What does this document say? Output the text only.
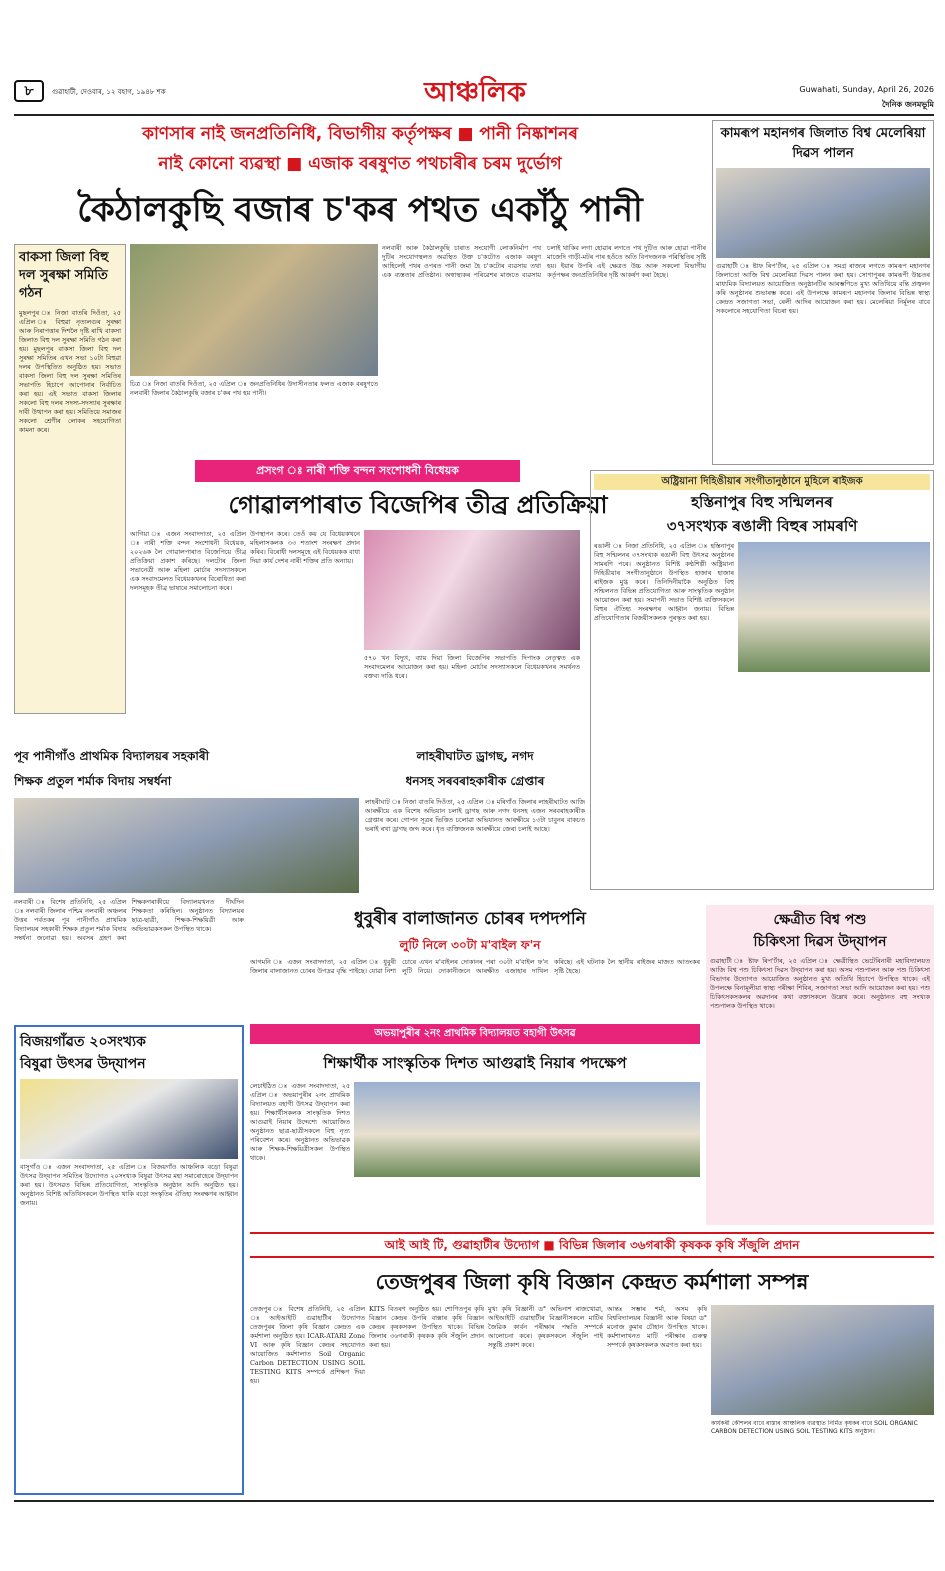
৮	গুৱাহাটী, দেওবাৰ, ১২ বহাগ, ১৯৪৮ শক	আঞ্চলিক	Guwahati, Sunday, April 26, 2026
দৈনিক জনমভূমি
কাণসাৰ নাই জনপ্ৰতিনিধি, বিভাগীয় কৰ্তৃপক্ষৰ ■ পানী নিষ্কাশনৰ
নাই কোনো ব্যৱস্থা ■ এজাক বৰষুণত পথচাৰীৰ চৰম দুৰ্ভোগ
কৈঠালকুছি বজাৰ চ'কৰ পথত একাঁঠু পানী
বাকসা জিলা বিহু দল সুৰক্ষা সমিতি গঠন
মুছলপুৰ ঃ নিজা বাতৰি দিওঁতা, ২৫ এপ্ৰিল ঃ বিহুৱা নৃত্যলগুৰ সুৰক্ষা আৰু নিৰাপত্তাৰ দিশলৈ দৃষ্টি ৰাখি বাকসা জিলাত বিহু দল সুৰক্ষা সমিতি গঠন কৰা হয়। মুছলপুৰ বাকসা জিলা বিহু দল সুৰক্ষা সমিতিৰ এখন সভা ১০টা বিহুৱা দলৰ উপস্থিতিত অনুষ্ঠিত হয়। সভাত বাকসা জিলা বিহু দল সুৰক্ষা সমিতিৰ সভাপতি হিচাপে আপোনাৰ নিৰ্বাচিত কৰা হয়। এই সভাত বাকসা জিলাৰ সকলো বিহু দলৰ সদস্য-সদস্যাৰ সুৰক্ষাৰ দাবী উত্থাপন কৰা হয়। সমিতিয়ে সমাজৰ সকলো শ্ৰেণীৰ লোকৰ সহযোগিতা কামনা কৰে।
চিত্ৰ ঃ নিজা বাতৰি দিওঁতা, ২৫ এপ্ৰিল ঃ জনপ্ৰতিনিধিৰ উদাসীনতাৰ ফলত এজাক বৰষুণতে নলবাৰী জিলাৰ কৈঠালকুছি বজাৰ চ'কৰ পথ হয় পানী।
নলবাৰী আৰু কৈঠালকুছি চাৰাত সংযোগী লোকনিৰ্মাণ পথ দুটিৰ সংযোগস্থলত অৱস্থিত উক্ত চ'কটোত এজাক বৰষুণ আহিলেই পথৰ ওপৰত পানী জমা হৈ চ'কটোৰ ব্যৱসায় তথা এক ব্যস্ততাৰ প্ৰতিষ্ঠান। অস্বাস্থ্যকৰ পৰিৱেশৰ মাজতে ব্যৱসায় চলাই থাকিব লগা হোৱাৰ লগতে পথ দুটিত আৰু হোৱা পানীৰ মাজেদি গাড়ী-মটৰ পাৰ হওঁতে অতি বিপদজনক পৰিস্থিতিৰ সৃষ্টি হয়। ইয়াৰ উপৰি এই ক্ষেত্ৰত উচ্চ আৰু সকলো বিভাগীয় কৰ্তৃপক্ষৰ জনপ্ৰতিনিধিৰ দৃষ্টি আকৰ্ষণ কৰা হৈছে।
কামৰূপ মহানগৰ জিলাত বিশ্ব মেলেৰিয়া দিৱস পালন
গুৱাহাটী ঃ ষ্টাফ ৰিপ'ৰ্টাৰ, ২৫ এপ্ৰিল ঃ সমগ্ৰ ৰাজ্যৰ লগতে কামৰূপ মহানগৰ জিলাতো আজি বিশ্ব মেলেৰিয়া দিৱস পালন কৰা হয়। সোণাপুৰৰ কামৰূপী উচ্চতৰ মাধ্যমিক বিদ্যালয়ত আয়োজিত অনুষ্ঠানটিৰ আৰম্ভণিতে মুখ্য অতিথিয়ে বন্তি প্ৰজ্বলন কৰি অনুষ্ঠানৰ শুভাৰম্ভ কৰে। এই উপলক্ষে কামৰূপ মহানগৰ জিলাৰ বিভিন্ন স্বাস্থ্য কেন্দ্ৰত সজাগতা সভা, ৰেলী আদিৰ আয়োজন কৰা হয়। মেলেৰিয়া নিৰ্মূলৰ বাবে সকলোৰে সহযোগিতা বিচৰা হয়।
প্ৰসংগ ঃ নাৰী শক্তি বন্দন সংশোধনী বিধেয়ক
গোৱালপাৰাত বিজেপিৰ তীব্ৰ প্ৰতিক্ৰিয়া
আগিয়া ঃ এজন সংবাদদাতা, ২৫ এপ্ৰিল ঃ নাৰী শক্তি বন্দন সংশোধনী বিধেয়ক, ২০২৬ক লৈ গোৱালপাৰাত বিজেপিয়ে তীব্ৰ প্ৰতিক্ৰিয়া প্ৰকাশ কৰিছে। দলটোৰ জিলা সভানেত্ৰী আৰু মহিলা মোৰ্চাৰ সদস্যাসকলে এক সংবাদমেলত বিধেয়কখনৰ বিৰোধিতা কৰা দলসমূহক তীব্ৰ ভাষাৰে সমালোচনা কৰে।
উপস্থাপন কৰে। তেওঁ কয় যে বিধেয়কখনে মহিলাসকলক ৩৩ শতাংশ সংৰক্ষণ প্ৰদান কৰিব। বিৰোধী দলসমূহে এই বিধেয়কক বাধা দিয়া কাৰ্য দেশৰ নাৰী শক্তিৰ প্ৰতি অন্যায়।
৫৭০ খন বিদ্যুৎ, ব্যায় দিয়া জিলা বিজেপিৰ সভাপতি দিপাংক নেতৃত্বত এক সংবাদমেলৰ আয়োজন কৰা হয়। মহিলা মোৰ্চাৰ সদস্যাসকলে বিধেয়কখনৰ সমৰ্থনত বক্তব্য দাঙি ধৰে।
অষ্ট্ৰিয়ানা দিহিঙীয়াৰ সংগীতানুষ্ঠানে মুহিলে ৰাইজক
হস্তিনাপুৰ বিহু সন্মিলনৰ
৩৭সংখ্যক ৰঙালী বিহুৰ সামৰণি
ৰঙালী ঃ নিজা প্ৰতিনিধি, ২৫ এপ্ৰিল ঃ হস্তিনাপুৰ বিহু সন্মিলনৰ ৩৭সংখ্যক ৰঙালী বিহু উৎসৱ অনুষ্ঠানৰ সামৰণি পৰে। অনুষ্ঠানত বিশিষ্ট কণ্ঠশিল্পী অষ্ট্ৰিয়ানা দিহিঙীয়াৰ সংগীতানুষ্ঠানে উপস্থিত হাজাৰ হাজাৰ ৰাইজক মুগ্ধ কৰে। তিনিদিনীয়াকৈ অনুষ্ঠিত বিহু সন্মিলনত বিভিন্ন প্ৰতিযোগিতা আৰু সাংস্কৃতিক অনুষ্ঠান আয়োজন কৰা হয়। সমাপনী সভাত বিশিষ্ট ব্যক্তিসকলে বিহুৰ ঐতিহ্য সংৰক্ষণৰ আহ্বান জনায়। বিভিন্ন প্ৰতিযোগিতাৰ বিজয়ীসকলক পুৰস্কৃত কৰা হয়।
পূব পানীগাঁও প্ৰাথমিক বিদ্যালয়ৰ সহকাৰী
শিক্ষক প্ৰতুল শৰ্মাক বিদায় সম্বৰ্ধনা
নলবাৰী ঃ বিশেষ প্ৰতিনিধি, ২৫ এপ্ৰিল ঃ নলবাৰী জিলাৰ পশ্চিম নলবাৰী অঞ্চলৰ উত্তৰ পৰ্বতকৰ পূব পানীগাঁও প্ৰাথমিক বিদ্যালয়ৰ সহকাৰী শিক্ষক প্ৰতুল শৰ্মাক বিদায় সম্বৰ্ধনা জনোৱা হয়। অবসৰ গ্ৰহণ কৰা শিক্ষকগৰাকীয়ে বিদ্যালয়খনত দীৰ্ঘদিন শিক্ষকতা কৰিছিল। অনুষ্ঠানত বিদ্যালয়ৰ ছাত্ৰ-ছাত্ৰী, শিক্ষক-শিক্ষয়িত্ৰী আৰু অভিভাৱকসকল উপস্থিত থাকে।
লাহৰীঘাটত ড্ৰাগছ, নগদ
ধনসহ সৰবৰাহকাৰীক গ্ৰেপ্তাৰ
লাহৰীঘাট ঃ নিজা বাতৰি দিওঁতা, ২৫ এপ্ৰিল ঃ মৰিগাঁও জিলাৰ লাহৰীঘাটত আজি আৰক্ষীয়ে এক বিশেষ অভিযান চলাই ড্ৰাগছ আৰু নগদ ধনসহ এজন সৰবৰাহকাৰীক গ্ৰেপ্তাৰ কৰে। গোপন সূত্ৰৰ ভিত্তিত চলোৱা অভিযানত আৰক্ষীয়ে ১৩টা চাবুনৰ বাকচত ভৰাই ৰখা ড্ৰাগছ জব্দ কৰে। ধৃত ব্যক্তিজনক আৰক্ষীয়ে জেৰা চলাই আছে।
ধুবুৰীৰ বালাজানত চোৰৰ দপদপনি
লুটি নিলে ৩০টা ম'বাইল ফ'ন
আগমনি ঃ এজন সংবাদদাতা, ২৫ এপ্ৰিল ঃ ধুবুৰী জিলাৰ বালাজানত চোৰৰ উপদ্ৰৱ বৃদ্ধি পাইছে। যোৱা নিশা চোৰে এখন ম'বাইলৰ দোকানৰ পৰা ৩০টা ম'বাইল ফ'ন লুটি নিয়ে। দোকানীজনে আৰক্ষীত এজাহাৰ দাখিল কৰিছে। এই ঘটনাক লৈ স্থানীয় ৰাইজৰ মাজত আতংকৰ সৃষ্টি হৈছে।
ক্ষেত্ৰীত বিশ্ব পশু
চিকিৎসা দিৱস উদ্‌যাপন
গুৱাহাটী ঃ ষ্টাফ ৰিপ'ৰ্টাৰ, ২৫ এপ্ৰিল ঃ ক্ষেত্ৰীস্থিত ভেটেৰিনাৰী মহাবিদ্যালয়ত আজি বিশ্ব পশু চিকিৎসা দিৱস উদ্‌যাপন কৰা হয়। অসম পশুপালন আৰু পশু চিকিৎসা বিভাগৰ উদ্যোগত আয়োজিত অনুষ্ঠানত মুখ্য অতিথি হিচাপে উপস্থিত থাকে। এই উপলক্ষে বিনামূলীয়া স্বাস্থ্য পৰীক্ষা শিবিৰ, সজাগতা সভা আদি আয়োজন কৰা হয়। পশু চিকিৎসকসকলৰ অৱদানৰ কথা বক্তাসকলে উল্লেখ কৰে। অনুষ্ঠানত বহু সংখ্যক পশুপালক উপস্থিত থাকে।
অভয়াপুৰীৰ ২নং প্ৰাথমিক বিদ্যালয়ত বহাগী উৎসৱ
শিক্ষাৰ্থীক সাংস্কৃতিক দিশত আগুৱাই নিয়াৰ পদক্ষেপ
লেচাইঠিত ঃ এজন সংবাদদাতা, ২৫ এপ্ৰিল ঃ অভয়াপুৰীৰ ২নং প্ৰাথমিক বিদ্যালয়ত বহাগী উৎসৱ উদ্‌যাপন কৰা হয়। শিক্ষাৰ্থীসকলক সাংস্কৃতিক দিশত আগুৱাই নিয়াৰ উদ্দেশ্যে আয়োজিত অনুষ্ঠানত ছাত্ৰ-ছাত্ৰীসকলে বিহু নৃত্য পৰিবেশন কৰে। অনুষ্ঠানত অভিভাৱক আৰু শিক্ষক-শিক্ষয়িত্ৰীসকল উপস্থিত থাকে।
বিজয়গাঁৱত ২০সংখ্যক
বিষুৱা উৎসৱ উদ্‌যাপন
বাসুগাঁও ঃ এজন সংবাদদাতা, ২৫ এপ্ৰিল ঃ বিজয়গাঁও আঞ্চলিক বড়ো বিষুৱা উৎসৱ উদ্‌যাপন সমিতিৰ উদ্যোগত ২০সংখ্যক বিষুৱা উৎসৱ মহা সমাৰোহেৰে উদ্‌যাপন কৰা হয়। উৎসৱত বিভিন্ন প্ৰতিযোগিতা, সাংস্কৃতিক অনুষ্ঠান আদি অনুষ্ঠিত হয়। অনুষ্ঠানত বিশিষ্ট অতিথিসকলে উপস্থিত থাকি বড়ো সংস্কৃতিৰ ঐতিহ্য সংৰক্ষণৰ আহ্বান জনায়।
আই আই টি, গুৱাহাটীৰ উদ্যোগ ■ বিভিন্ন জিলাৰ ৩৬গৰাকী কৃষকক কৃষি সঁজুলি প্ৰদান
তেজপুৰৰ জিলা কৃষি বিজ্ঞান কেন্দ্ৰত কৰ্মশালা সম্পন্ন
তেজপুৰ ঃ বিশেষ প্ৰতিনিধি, ২৫ এপ্ৰিল ঃ আইআইটি গুৱাহাটীৰ উদ্যোগত তেজপুৰৰ জিলা কৃষি বিজ্ঞান কেন্দ্ৰত এক কৰ্মশালা অনুষ্ঠিত হয়। ICAR-ATARI Zone VI আৰু কৃষি বিজ্ঞান কেন্দ্ৰৰ সহযোগত আয়োজিত কৰ্মশালাত Soil Organic Carbon DETECTION USING SOIL TESTING KITS সম্পৰ্কে প্ৰশিক্ষণ দিয়া হয়।
KITS বিতৰণ অনুষ্ঠিত হয়। শোণিতপুৰ কৃষি বিজ্ঞান কেন্দ্ৰৰ উপৰি বাক্সাৰ কৃষি বিজ্ঞান কেন্দ্ৰৰ কৃষকসকল উপস্থিত থাকে। বিভিন্ন জিলাৰ ৩৬গৰাকী কৃষকক কৃষি সঁজুলি প্ৰদান কৰা হয়।
মুখ্য কৃষি বিজ্ঞানী ড° অভিনাশ ৰাজখোৱা, আইআইটি গুৱাহাটীৰ বিজ্ঞানীসকলে মাটিৰ জৈৱিক কাৰ্বন পৰীক্ষাৰ পদ্ধতি সম্পৰ্কে আলোচনা কৰে। কৃষকসকলে সঁজুলি পাই সন্তুষ্টি প্ৰকাশ কৰে।
আন্তঃ সম্ভাৰ শৰ্মা, অসম কৃষি বিশ্ববিদ্যালয়ৰ বিজ্ঞানী আৰু বিষয়া ড° মনোজ কুমাৰ চৌহান উপস্থিত থাকে। কৰ্মশালাখনত মাটি পৰীক্ষাৰ গুৰুত্ব সম্পৰ্কে কৃষকসকলক অৱগত কৰা হয়।
কাৰ্যকৰী কৌশলৰ বাবে ৰাস্তাৰ আঞ্চলিক ব্যৱস্থাত নিৰ্মিত কৃষকৰ বাবে SOIL ORGANIC CARBON DETECTION USING SOIL TESTING KITS অনুষ্ঠান।
